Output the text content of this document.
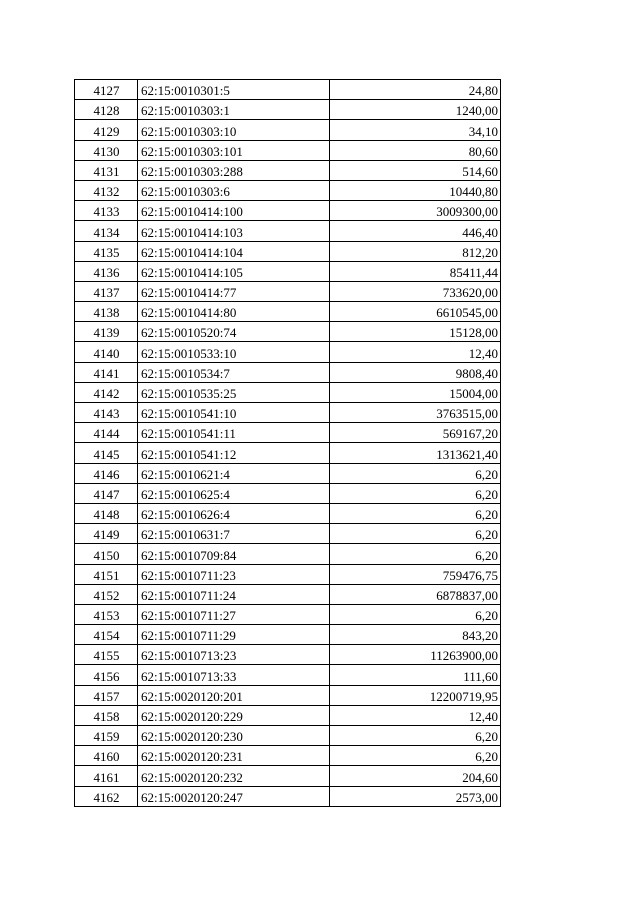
4127	62:15:0010301:5	24,80
4128	62:15:0010303:1	1240,00
4129	62:15:0010303:10	34,10
4130	62:15:0010303:101	80,60
4131	62:15:0010303:288	514,60
4132	62:15:0010303:6	10440,80
4133	62:15:0010414:100	3009300,00
4134	62:15:0010414:103	446,40
4135	62:15:0010414:104	812,20
4136	62:15:0010414:105	85411,44
4137	62:15:0010414:77	733620,00
4138	62:15:0010414:80	6610545,00
4139	62:15:0010520:74	15128,00
4140	62:15:0010533:10	12,40
4141	62:15:0010534:7	9808,40
4142	62:15:0010535:25	15004,00
4143	62:15:0010541:10	3763515,00
4144	62:15:0010541:11	569167,20
4145	62:15:0010541:12	1313621,40
4146	62:15:0010621:4	6,20
4147	62:15:0010625:4	6,20
4148	62:15:0010626:4	6,20
4149	62:15:0010631:7	6,20
4150	62:15:0010709:84	6,20
4151	62:15:0010711:23	759476,75
4152	62:15:0010711:24	6878837,00
4153	62:15:0010711:27	6,20
4154	62:15:0010711:29	843,20
4155	62:15:0010713:23	11263900,00
4156	62:15:0010713:33	111,60
4157	62:15:0020120:201	12200719,95
4158	62:15:0020120:229	12,40
4159	62:15:0020120:230	6,20
4160	62:15:0020120:231	6,20
4161	62:15:0020120:232	204,60
4162	62:15:0020120:247	2573,00
